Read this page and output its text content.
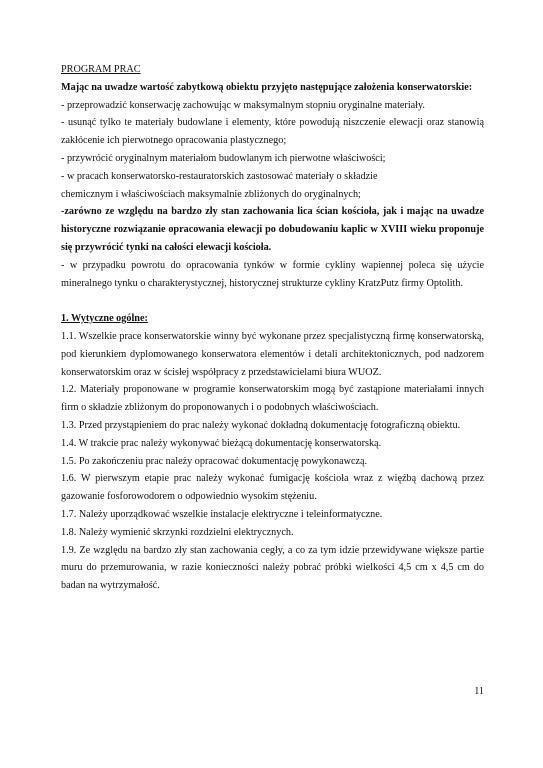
PROGRAM PRAC

Mając na uwadze wartość zabytkową obiektu przyjęto następujące założenia konserwatorskie:

- przeprowadzić konserwację zachowując w maksymalnym stopniu oryginalne materiały.

- usunąć tylko te materiały budowlane i elementy, które powodują niszczenie elewacji oraz stanowią zakłócenie ich pierwotnego opracowania plastycznego;

- przywrócić oryginalnym materiałom budowlanym ich pierwotne właściwości;

- w pracach konserwatorsko-restauratorskich zastosować materiały o składzie

chemicznym i właściwościach maksymalnie zbliżonych do oryginalnych;

-zarówno ze względu na bardzo zły stan zachowania lica ścian kościoła, jak i mając na uwadze historyczne rozwiązanie opracowania elewacji po dobudowaniu kaplic w XVIII wieku proponuje się przywrócić tynki na całości elewacji kościoła.

- w przypadku powrotu do opracowania tynków w formie cykliny wapiennej poleca się użycie mineralnego tynku o charakterystycznej, historycznej strukturze cykliny KratzPutz firmy Optolith.

1. Wytyczne ogólne:

1.1. Wszelkie prace konserwatorskie winny być wykonane przez specjalistyczną firmę konserwatorską, pod kierunkiem dyplomowanego konserwatora elementów i detali architektonicznych, pod nadzorem konserwatorskim oraz w ścisłej współpracy z przedstawicielami biura WUOZ.

1.2. Materiały proponowane w programie konserwatorskim mogą być zastąpione materiałami innych firm o składzie zbliżonym do proponowanych i o podobnych właściwościach.

1.3. Przed przystąpieniem do prac należy wykonać dokładną dokumentację fotograficzną obiektu.

1.4. W trakcie prac należy wykonywać bieżącą dokumentację konserwatorską.

1.5. Po zakończeniu prac należy opracować dokumentację powykonawczą.

1.6. W pierwszym etapie prac należy wykonać fumigację kościoła wraz z więźbą dachową przez gazowanie fosforowodorem o odpowiednio wysokim stężeniu.

1.7. Należy uporządkować wszelkie instalacje elektryczne i teleinformatyczne.

1.8. Należy wymienić skrzynki rozdzielni elektrycznych.

1.9. Ze względu na bardzo zły stan zachowania cegły, a co za tym idzie przewidywane większe partie muru do przemurowania, w razie konieczności należy pobrać próbki wielkości 4,5 cm x 4,5 cm do badan na wytrzymałość.

11
